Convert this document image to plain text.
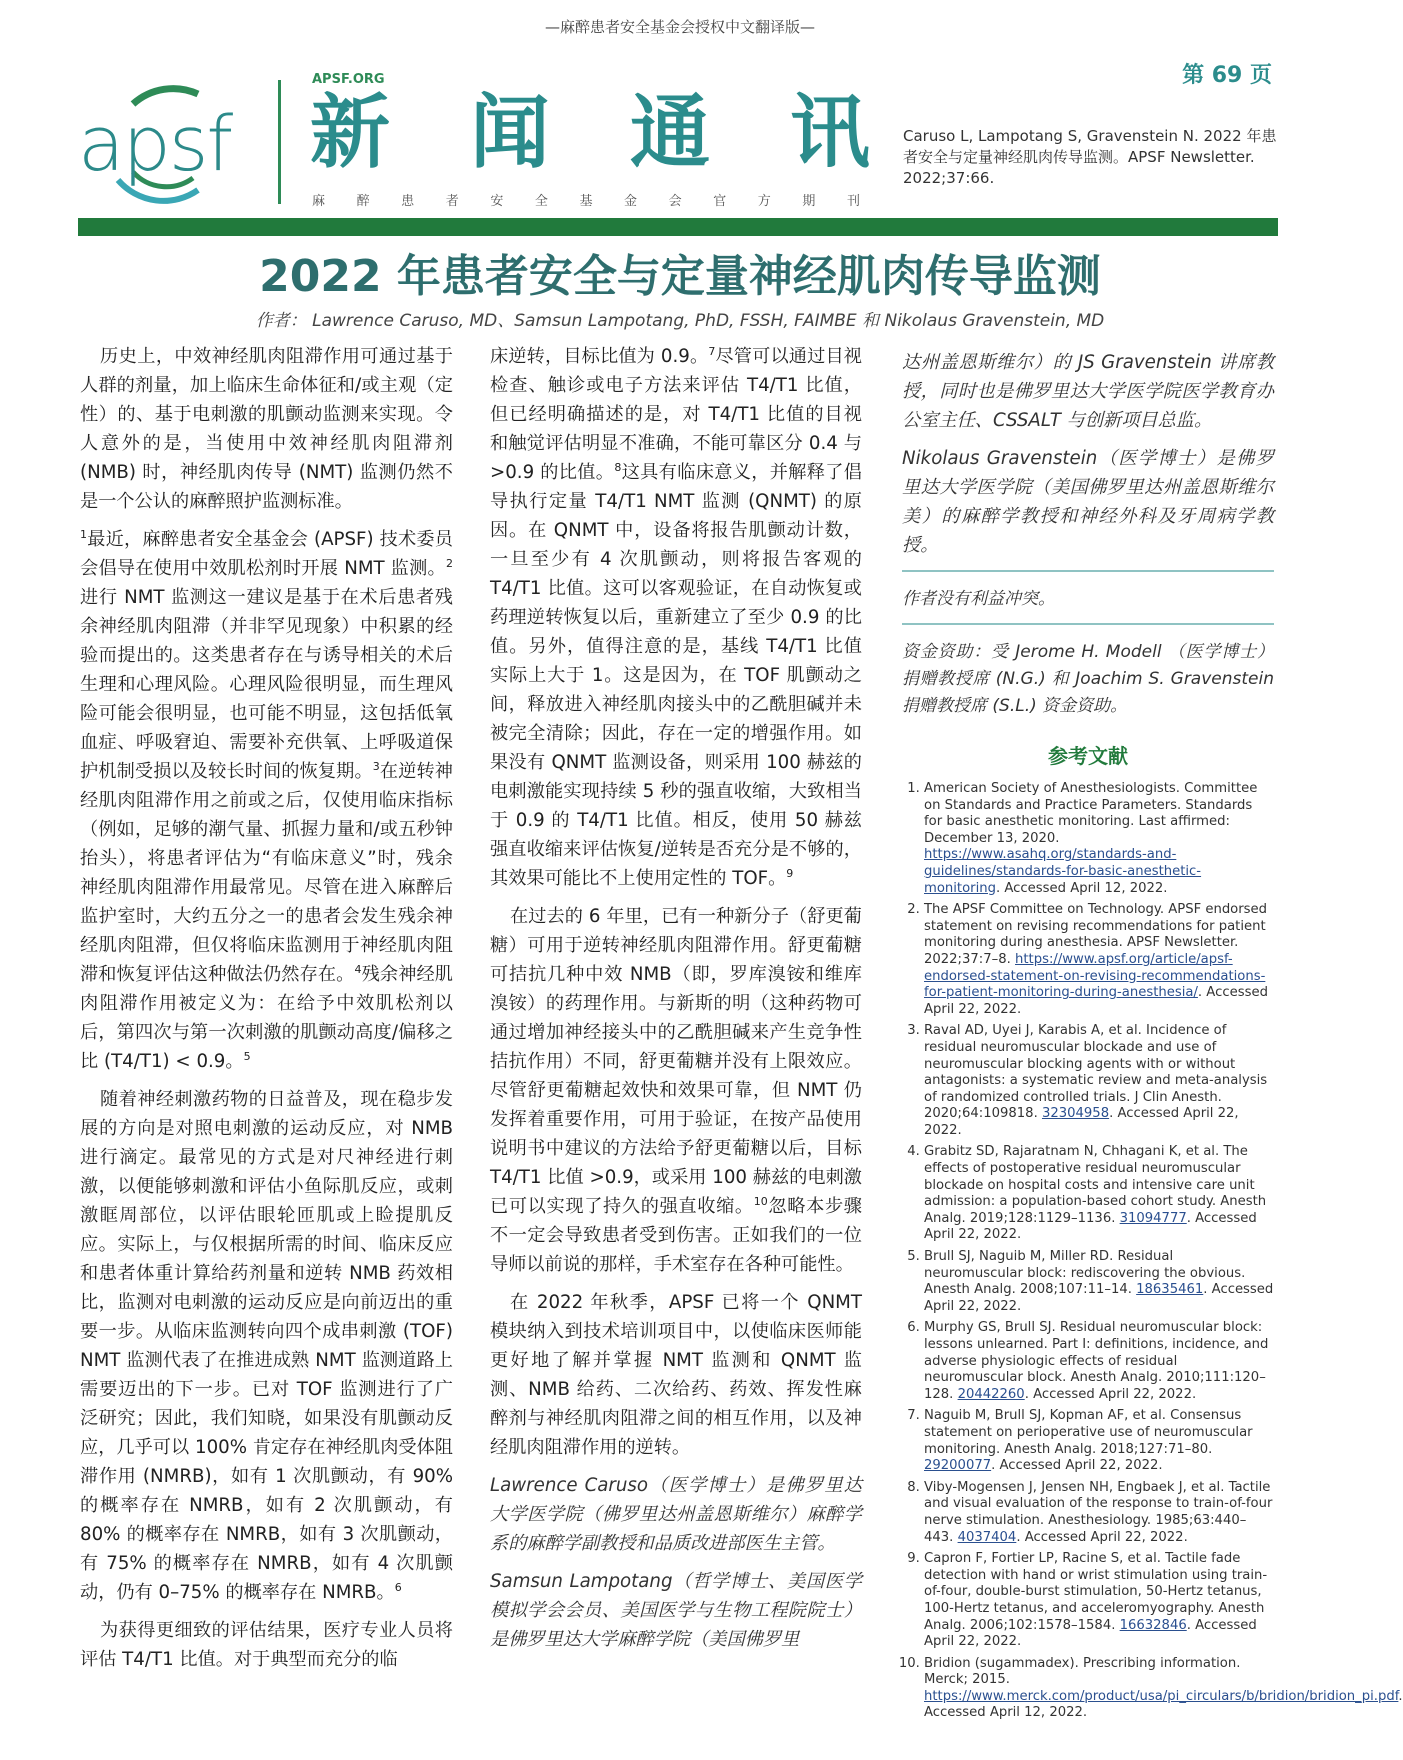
—麻醉患者安全基金会授权中文翻译版—
apsf
APSF.ORG
新 闻 通 讯
麻 醉 患 者 安 全 基 金 会 官 方 期 刊
第 69 页
Caruso L, Lampotang S, Gravenstein N. 2022 年患者安全与定量神经肌肉传导监测。APSF Newsletter. 2022;37:66.
2022 年患者安全与定量神经肌肉传导监测
作者： Lawrence Caruso, MD、Samsun Lampotang, PhD, FSSH, FAIMBE 和 Nikolaus Gravenstein, MD

历史上，中效神经肌肉阻滞作用可通过基于人群的剂量，加上临床生命体征和/或主观（定性）的、基于电刺激的肌颤动监测来实现。令人意外的是，当使用中效神经肌肉阻滞剂 (NMB) 时，神经肌肉传导 (NMT) 监测仍然不是一个公认的麻醉照护监测标准。

$^1$最近，麻醉患者安全基金会 (APSF) 技术委员会倡导在使用中效肌松剂时开展 NMT 监测。$^2$进行 NMT 监测这一建议是基于在术后患者残余神经肌肉阻滞（并非罕见现象）中积累的经验而提出的。这类患者存在与诱导相关的术后生理和心理风险。心理风险很明显，而生理风险可能会很明显，也可能不明显，这包括低氧血症、呼吸窘迫、需要补充供氧、上呼吸道保护机制受损以及较长时间的恢复期。$^3$在逆转神经肌肉阻滞作用之前或之后，仅使用临床指标（例如，足够的潮气量、抓握力量和/或五秒钟抬头），将患者评估为“有临床意义”时，残余神经肌肉阻滞作用最常见。尽管在进入麻醉后监护室时，大约五分之一的患者会发生残余神经肌肉阻滞，但仅将临床监测用于神经肌肉阻滞和恢复评估这种做法仍然存在。$^4$残余神经肌肉阻滞作用被定义为：在给予中效肌松剂以后，第四次与第一次刺激的肌颤动高度/偏移之比 (T4/T1) < 0.9。$^5$

随着神经刺激药物的日益普及，现在稳步发展的方向是对照电刺激的运动反应，对 NMB 进行滴定。最常见的方式是对尺神经进行刺激，以便能够刺激和评估小鱼际肌反应，或刺激眶周部位，以评估眼轮匝肌或上睑提肌反应。实际上，与仅根据所需的时间、临床反应和患者体重计算给药剂量和逆转 NMB 药效相比，监测对电刺激的运动反应是向前迈出的重要一步。从临床监测转向四个成串刺激 (TOF) NMT 监测代表了在推进成熟 NMT 监测道路上需要迈出的下一步。已对 TOF 监测进行了广泛研究；因此，我们知晓，如果没有肌颤动反应，几乎可以 100% 肯定存在神经肌肉受体阻滞作用 (NMRB)，如有 1 次肌颤动，有 90% 的概率存在 NMRB，如有 2 次肌颤动，有 80% 的概率存在 NMRB，如有 3 次肌颤动，有 75% 的概率存在 NMRB，如有 4 次肌颤动，仍有 0–75% 的概率存在 NMRB。$^6$

为获得更细致的评估结果，医疗专业人员将评估 T4/T1 比值。对于典型而充分的临

床逆转，目标比值为 0.9。$^7$尽管可以通过目视检查、触诊或电子方法来评估 T4/T1 比值，但已经明确描述的是，对 T4/T1 比值的目视和触觉评估明显不准确，不能可靠区分 0.4 与 >0.9 的比值。$^8$这具有临床意义，并解释了倡导执行定量 T4/T1 NMT 监测 (QNMT) 的原因。在 QNMT 中，设备将报告肌颤动计数，一旦至少有 4 次肌颤动，则将报告客观的 T4/T1 比值。这可以客观验证，在自动恢复或药理逆转恢复以后，重新建立了至少 0.9 的比值。另外，值得注意的是，基线 T4/T1 比值实际上大于 1。这是因为，在 TOF 肌颤动之间，释放进入神经肌肉接头中的乙酰胆碱并未被完全清除；因此，存在一定的增强作用。如果没有 QNMT 监测设备，则采用 100 赫兹的电刺激能实现持续 5 秒的强直收缩，大致相当于 0.9 的 T4/T1 比值。相反，使用 50 赫兹强直收缩来评估恢复/逆转是否充分是不够的，其效果可能比不上使用定性的 TOF。$^9$

在过去的 6 年里，已有一种新分子（舒更葡糖）可用于逆转神经肌肉阻滞作用。舒更葡糖可拮抗几种中效 NMB（即，罗库溴铵和维库溴铵）的药理作用。与新斯的明（这种药物可通过增加神经接头中的乙酰胆碱来产生竞争性拮抗作用）不同，舒更葡糖并没有上限效应。尽管舒更葡糖起效快和效果可靠，但 NMT 仍发挥着重要作用，可用于验证，在按产品使用说明书中建议的方法给予舒更葡糖以后，目标 T4/T1 比值 >0.9，或采用 100 赫兹的电刺激已可以实现了持久的强直收缩。$^{10}$忽略本步骤不一定会导致患者受到伤害。正如我们的一位导师以前说的那样，手术室存在各种可能性。

在 2022 年秋季，APSF 已将一个 QNMT 模块纳入到技术培训项目中，以使临床医师能更好地了解并掌握 NMT 监测和 QNMT 监测、NMB 给药、二次给药、药效、挥发性麻醉剂与神经肌肉阻滞之间的相互作用，以及神经肌肉阻滞作用的逆转。

Lawrence Caruso（医学博士）是佛罗里达大学医学院（佛罗里达州盖恩斯维尔）麻醉学系的麻醉学副教授和品质改进部医生主管。

Samsun Lampotang（哲学博士、美国医学模拟学会会员、美国医学与生物工程院院士）是佛罗里达大学麻醉学院（美国佛罗里

达州盖恩斯维尔）的 JS Gravenstein 讲席教授，同时也是佛罗里达大学医学院医学教育办公室主任、CSSALT 与创新项目总监。

Nikolaus Gravenstein（医学博士）是佛罗里达大学医学院（美国佛罗里达州盖恩斯维尔美）的麻醉学教授和神经外科及牙周病学教授。

作者没有利益冲突。
资金资助：受 Jerome H. Modell （医学博士）捐赠教授席 (N.G.) 和 Joachim S. Gravenstein 捐赠教授席 (S.L.) 资金资助。
参考文献
1. American Society of Anesthesiologists. Committee on Standards and Practice Parameters. Standards for basic anesthetic monitoring. Last affirmed: December 13, 2020. https://www.asahq.org/standards-and-guidelines/standards-for-basic-anesthetic-monitoring. Accessed April 12, 2022.
2. The APSF Committee on Technology. APSF endorsed statement on revising recommendations for patient monitoring during anesthesia. APSF Newsletter. 2022;37:7–8. https://www.apsf.org/article/apsf-endorsed-statement-on-revising-recommendations-for-patient-monitoring-during-anesthesia/. Accessed April 22, 2022.
3. Raval AD, Uyei J, Karabis A, et al. Incidence of residual neuromuscular blockade and use of neuromuscular blocking agents with or without antagonists: a systematic review and meta-analysis of randomized controlled trials. J Clin Anesth. 2020;64:109818. 32304958. Accessed April 22, 2022.
4. Grabitz SD, Rajaratnam N, Chhagani K, et al. The effects of postoperative residual neuromuscular blockade on hospital costs and intensive care unit admission: a population-based cohort study. Anesth Analg. 2019;128:1129–1136. 31094777. Accessed April 22, 2022.
5. Brull SJ, Naguib M, Miller RD. Residual neuromuscular block: rediscovering the obvious. Anesth Analg. 2008;107:11–14. 18635461. Accessed April 22, 2022.
6. Murphy GS, Brull SJ. Residual neuromuscular block: lessons unlearned. Part I: definitions, incidence, and adverse physiologic effects of residual neuromuscular block. Anesth Analg. 2010;111:120–128. 20442260. Accessed April 22, 2022.
7. Naguib M, Brull SJ, Kopman AF, et al. Consensus statement on perioperative use of neuromuscular monitoring. Anesth Analg. 2018;127:71–80. 29200077. Accessed April 22, 2022.
8. Viby-Mogensen J, Jensen NH, Engbaek J, et al. Tactile and visual evaluation of the response to train-of-four nerve stimulation. Anesthesiology. 1985;63:440–443. 4037404. Accessed April 22, 2022.
9. Capron F, Fortier LP, Racine S, et al. Tactile fade detection with hand or wrist stimulation using train-of-four, double-burst stimulation, 50-Hertz tetanus, 100-Hertz tetanus, and acceleromyography. Anesth Analg. 2006;102:1578–1584. 16632846. Accessed April 22, 2022.
10. Bridion (sugammadex). Prescribing information. Merck; 2015. https://www.merck.com/product/usa/pi_circulars/b/bridion/bridion_pi.pdf. Accessed April 12, 2022.
